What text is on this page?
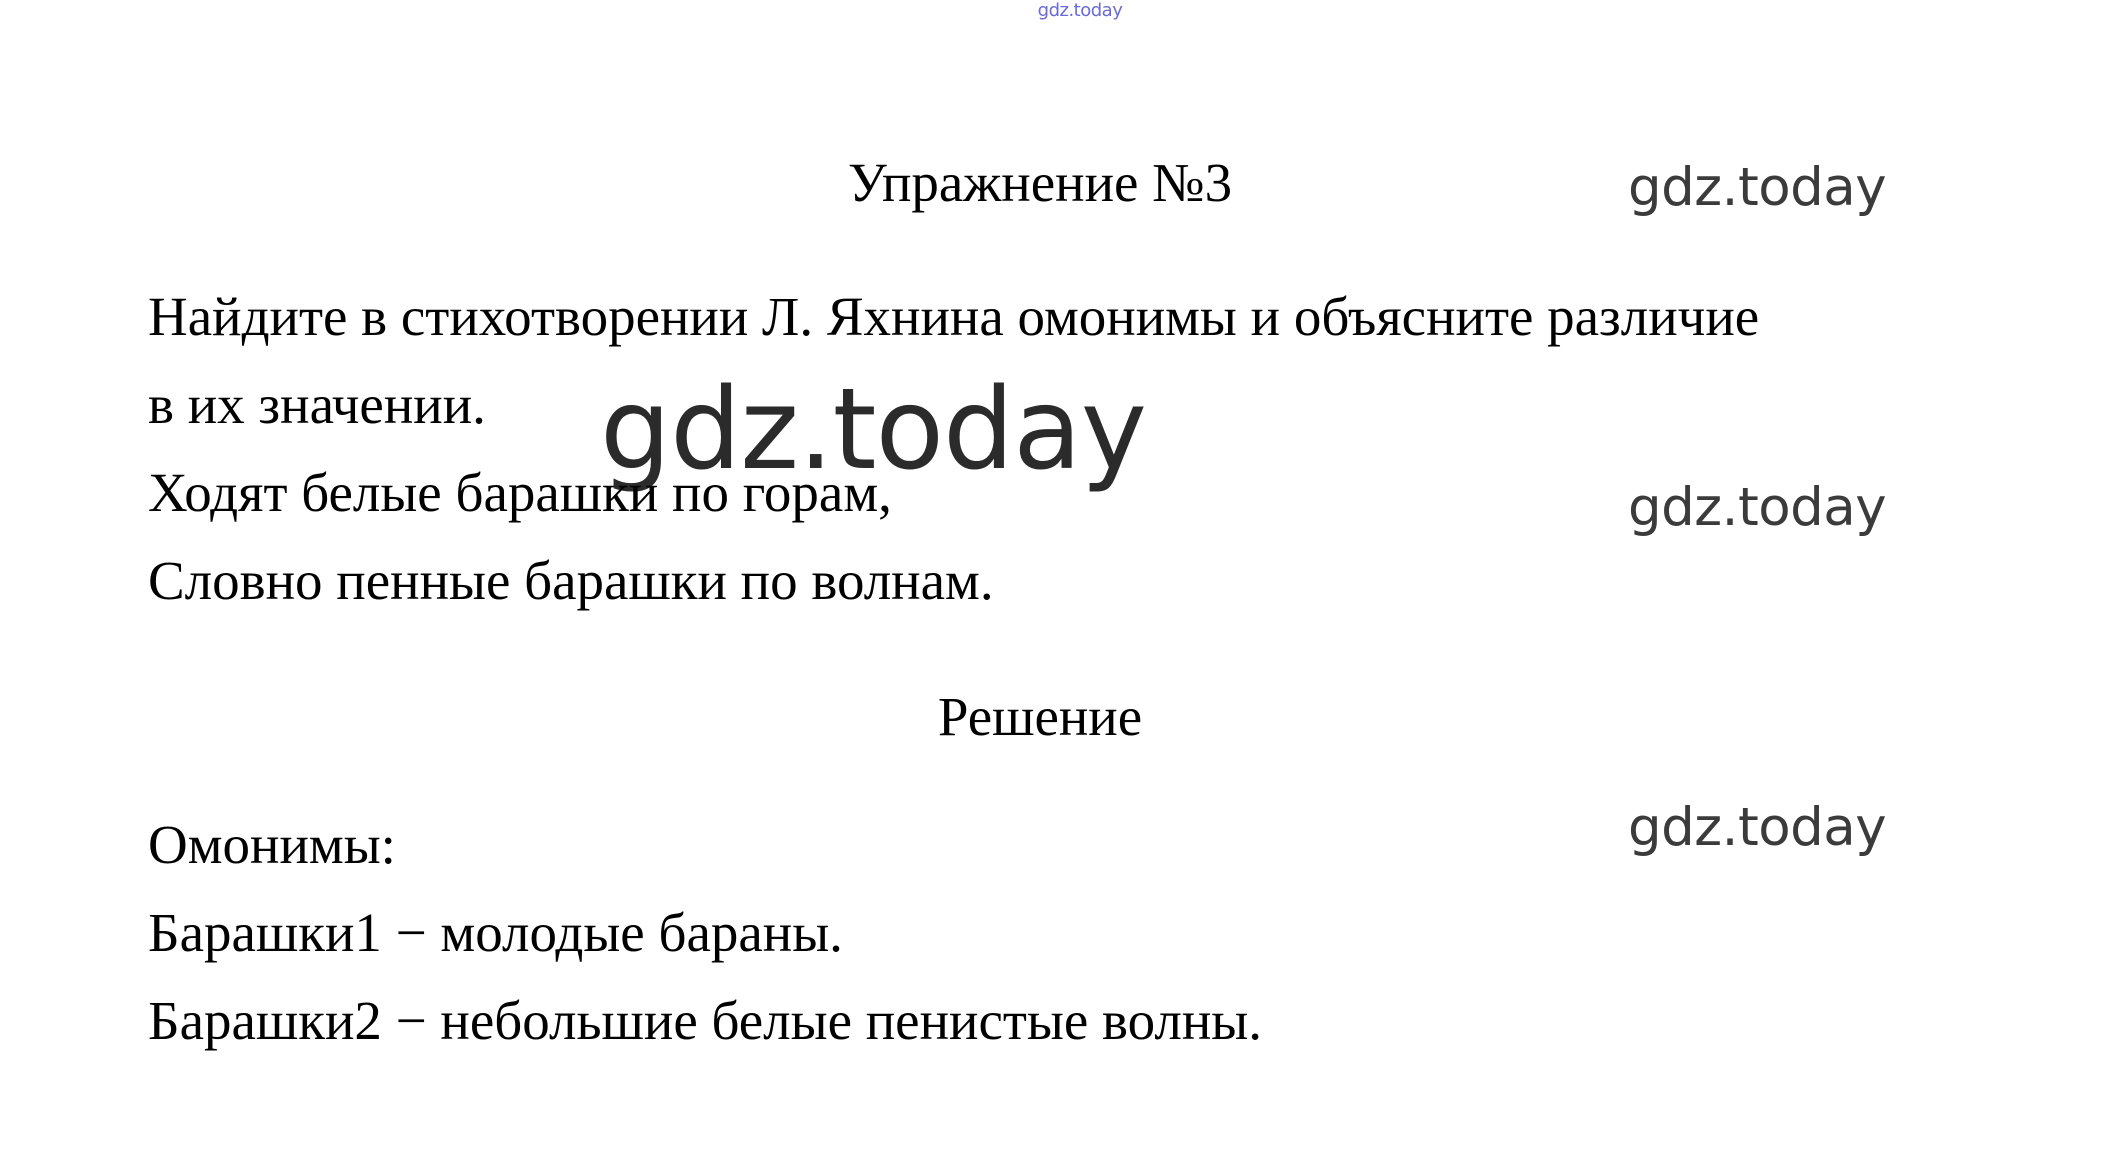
gdz.today
Упражнение №3	gdz.today
Найдите в стихотворении Л. Яхнина омонимы и объясните различие
в их значении. gdz.today
Ходят белые барашки по горам,	gdz.today
Словно пенные барашки по волнам.
Решение
Омонимы:	gdz.today
Барашки1 − молодые бараны.
Барашки2 − небольшие белые пенистые волны.
